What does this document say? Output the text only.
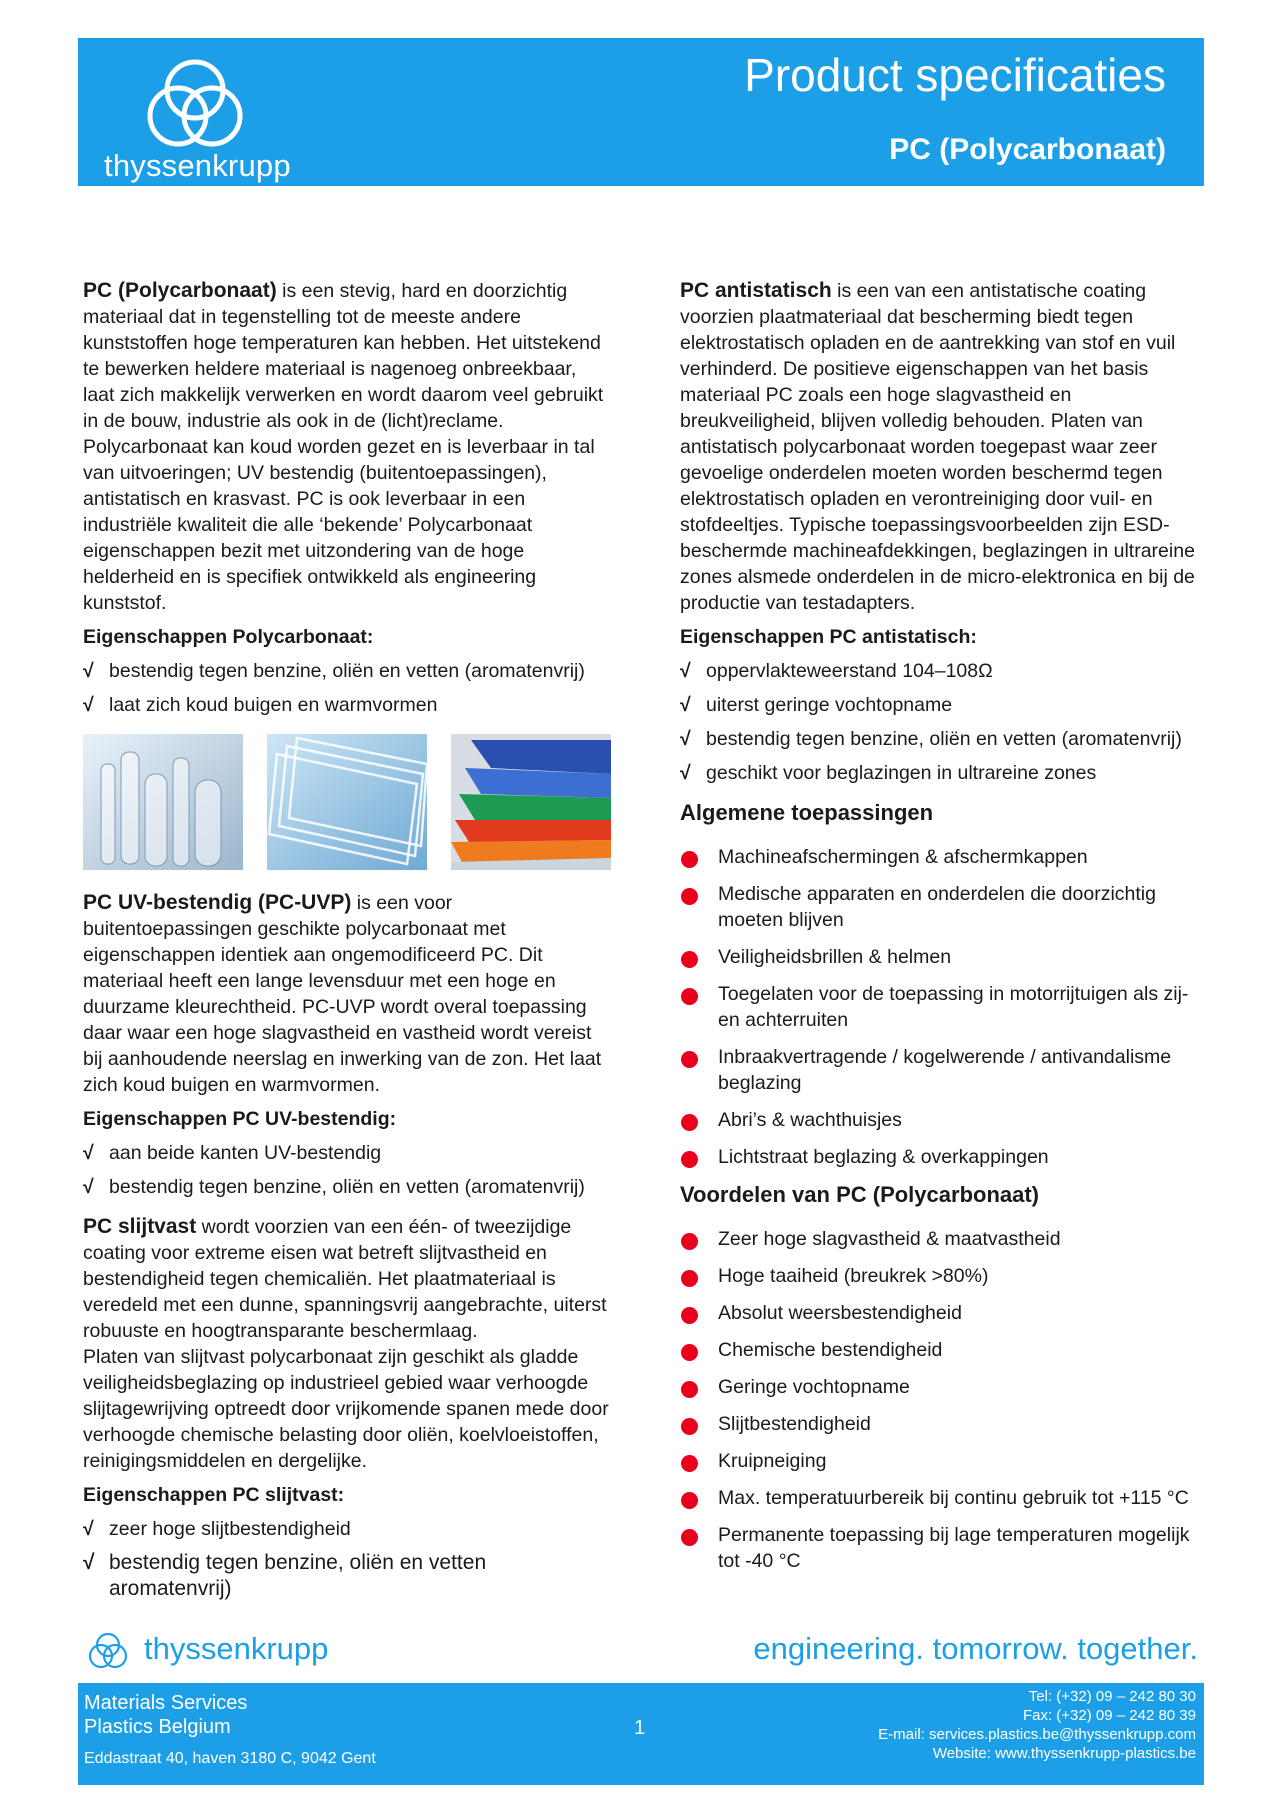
thyssenkrupp
Product specificaties
PC (Polycarbonaat)

PC (Polycarbonaat) is een stevig, hard en doorzichtig materiaal dat in tegenstelling tot de meeste andere kunststoffen hoge temperaturen kan hebben. Het uitstekend te bewerken heldere materiaal is nagenoeg onbreekbaar, laat zich makkelijk verwerken en wordt daarom veel gebruikt in de bouw, industrie als ook in de (licht)reclame. Polycarbonaat kan koud worden gezet en is leverbaar in tal van uitvoeringen; UV bestendig (buitentoepassingen), antistatisch en krasvast. PC is ook leverbaar in een industriële kwaliteit die alle ‘bekende’ Polycarbonaat eigenschappen bezit met uitzondering van de hoge helderheid en is specifiek ontwikkeld als engineering kunststof.

Eigenschappen Polycarbonaat:
√ bestendig tegen benzine, oliën en vetten (aromatenvrij)
√ laat zich koud buigen en warmvormen

PC UV-bestendig (PC-UVP) is een voor buitentoepassingen geschikte polycarbonaat met eigenschappen identiek aan ongemodificeerd PC. Dit materiaal heeft een lange levensduur met een hoge en duurzame kleurechtheid. PC-UVP wordt overal toepassing daar waar een hoge slagvastheid en vastheid wordt vereist bij aanhoudende neerslag en inwerking van de zon. Het laat zich koud buigen en warmvormen.

Eigenschappen PC UV-bestendig:
√ aan beide kanten UV-bestendig
√ bestendig tegen benzine, oliën en vetten (aromatenvrij)

PC slijtvast wordt voorzien van een één- of tweezijdige coating voor extreme eisen wat betreft slijtvastheid en bestendigheid tegen chemicaliën. Het plaatmateriaal is veredeld met een dunne, spanningsvrij aangebrachte, uiterst robuuste en hoogtransparante beschermlaag.

Platen van slijtvast polycarbonaat zijn geschikt als gladde veiligheidsbeglazing op industrieel gebied waar verhoogde slijtagewrijving optreedt door vrijkomende spanen mede door verhoogde chemische belasting door oliën, koelvloeistoffen, reinigingsmiddelen en dergelijke.

Eigenschappen PC slijtvast:
√ zeer hoge slijtbestendigheid
√ bestendig tegen benzine, oliën en vetten aromatenvrij)

PC antistatisch is een van een antistatische coating voorzien plaatmateriaal dat bescherming biedt tegen elektrostatisch opladen en de aantrekking van stof en vuil verhinderd. De positieve eigenschappen van het basis materiaal PC zoals een hoge slagvastheid en breukveiligheid, blijven volledig behouden. Platen van antistatisch polycarbonaat worden toegepast waar zeer gevoelige onderdelen moeten worden beschermd tegen elektrostatisch opladen en verontreiniging door vuil- en stofdeeltjes. Typische toepassingsvoorbeelden zijn ESD-beschermde machineafdekkingen, beglazingen in ultrareine zones alsmede onderdelen in de micro-elektronica en bij de productie van testadapters.

Eigenschappen PC antistatisch:
√ oppervlakteweerstand 104–108Ω
√ uiterst geringe vochtopname
√ bestendig tegen benzine, oliën en vetten (aromatenvrij)
√ geschikt voor beglazingen in ultrareine zones
Algemene toepassingen
Machineafschermingen & afschermkappen
Medische apparaten en onderdelen die doorzichtig moeten blijven
Veiligheidsbrillen & helmen
Toegelaten voor de toepassing in motorrijtuigen als zij- en achterruiten
Inbraakvertragende / kogelwerende / antivandalisme beglazing
Abri’s & wachthuisjes
Lichtstraat beglazing & overkappingen
Voordelen van PC (Polycarbonaat)
Zeer hoge slagvastheid & maatvastheid
Hoge taaiheid (breukrek >80%)
Absolut weersbestendigheid
Chemische bestendigheid
Geringe vochtopname
Slijtbestendigheid
Kruipneiging
Max. temperatuurbereik bij continu gebruik tot +115 °C
Permanente toepassing bij lage temperaturen mogelijk tot -40 °C
thyssenkrupp	engineering. tomorrow. together.
Materials Services
Plastics Belgium
Eddastraat 40, haven 3180 C, 9042 Gent
1
Tel: (+32) 09 – 242 80 30
Fax: (+32) 09 – 242 80 39
E-mail: services.plastics.be@thyssenkrupp.com
Website: www.thyssenkrupp-plastics.be
